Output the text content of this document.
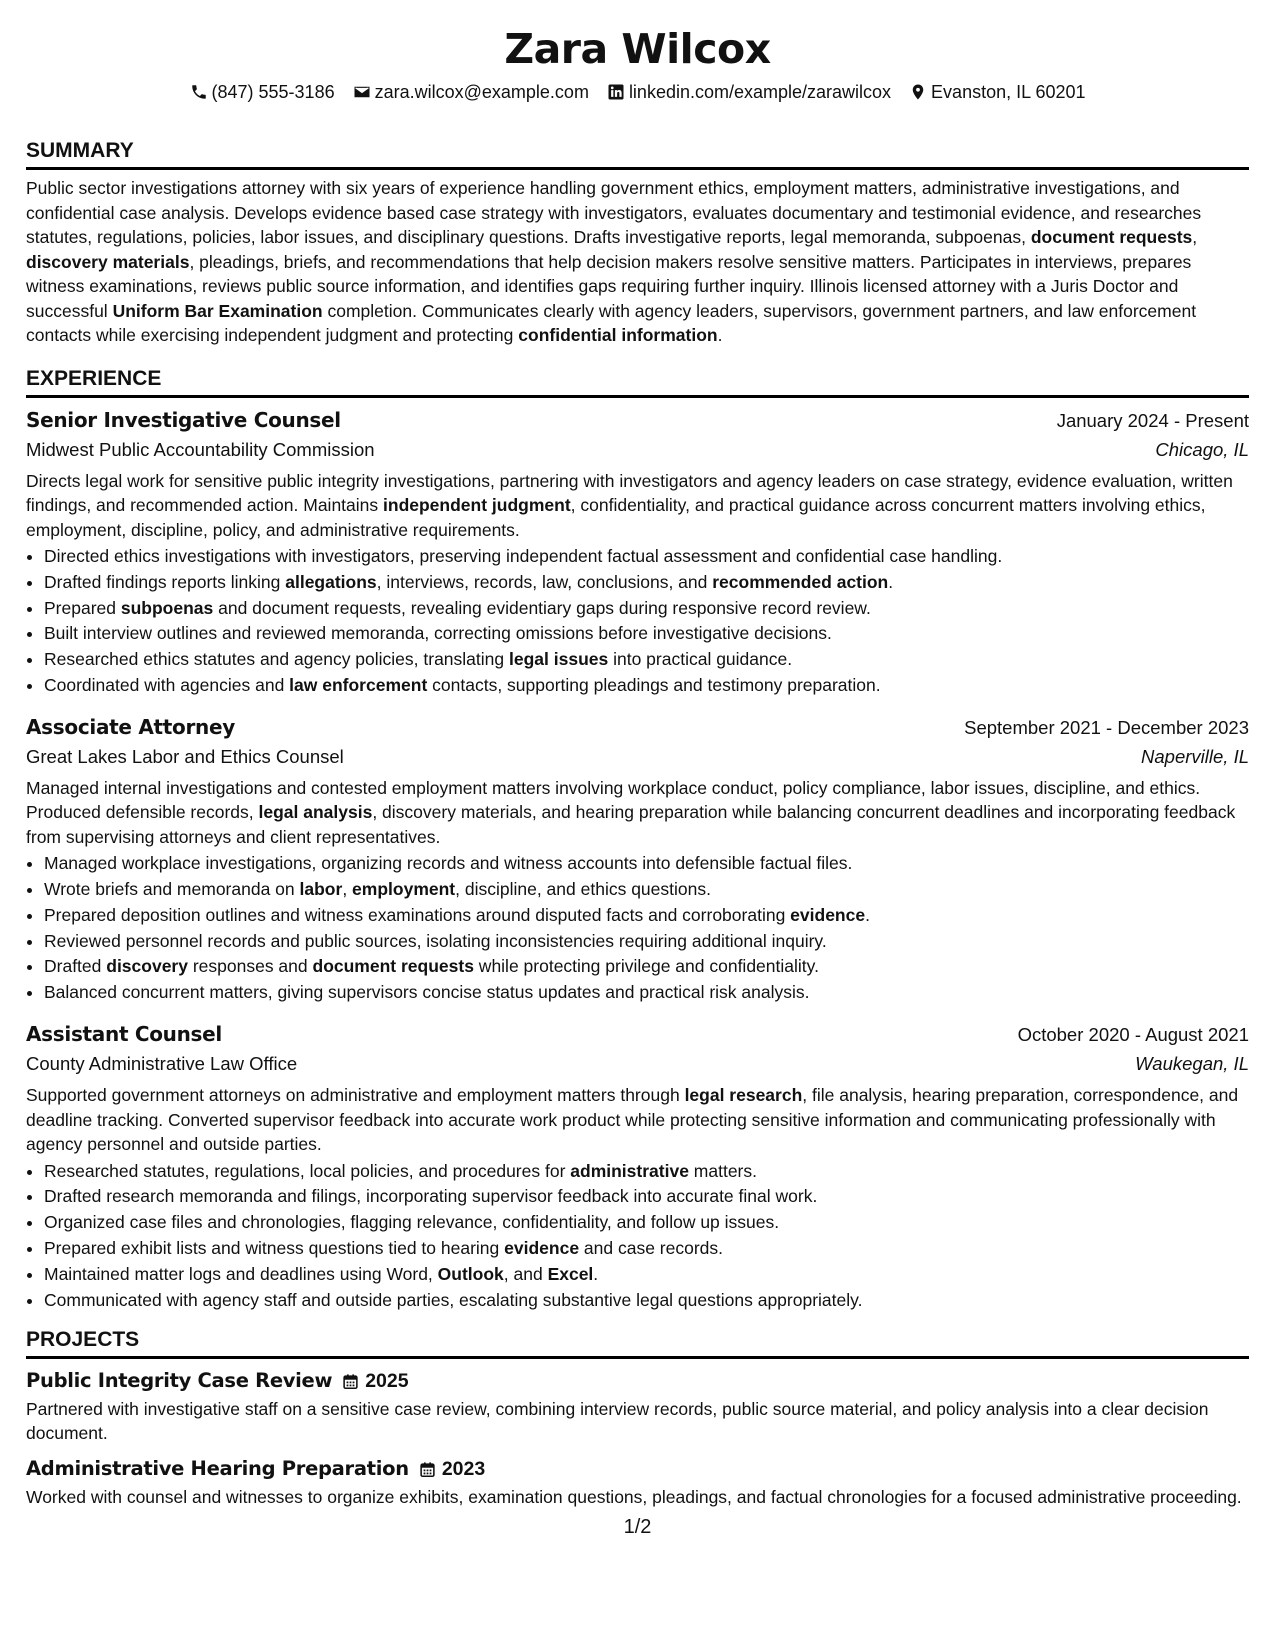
Zara Wilcox
(847) 555-3186 zara.wilcox@example.com linkedin.com/example/zarawilcox Evanston, IL 60201
SUMMARY

Public sector investigations attorney with six years of experience handling government ethics, employment matters, administrative investigations, and confidential case analysis. Develops evidence based case strategy with investigators, evaluates documentary and testimonial evidence, and researches statutes, regulations, policies, labor issues, and disciplinary questions. Drafts investigative reports, legal memoranda, subpoenas, document requests, discovery materials, pleadings, briefs, and recommendations that help decision makers resolve sensitive matters. Participates in interviews, prepares witness examinations, reviews public source information, and identifies gaps requiring further inquiry. Illinois licensed attorney with a Juris Doctor and successful Uniform Bar Examination completion. Communicates clearly with agency leaders, supervisors, government partners, and law enforcement contacts while exercising independent judgment and protecting confidential information.

EXPERIENCE
Senior Investigative Counsel	January 2024 - Present
Midwest Public Accountability Commission	Chicago, IL
Directs legal work for sensitive public integrity investigations, partnering with investigators and agency leaders on case strategy, evidence evaluation, written findings, and recommended action. Maintains independent judgment, confidentiality, and practical guidance across concurrent matters involving ethics, employment, discipline, policy, and administrative requirements.
• Directed ethics investigations with investigators, preserving independent factual assessment and confidential case handling.
• Drafted findings reports linking allegations, interviews, records, law, conclusions, and recommended action.
• Prepared subpoenas and document requests, revealing evidentiary gaps during responsive record review.
• Built interview outlines and reviewed memoranda, correcting omissions before investigative decisions.
• Researched ethics statutes and agency policies, translating legal issues into practical guidance.
• Coordinated with agencies and law enforcement contacts, supporting pleadings and testimony preparation.
Associate Attorney	September 2021 - December 2023
Great Lakes Labor and Ethics Counsel	Naperville, IL
Managed internal investigations and contested employment matters involving workplace conduct, policy compliance, labor issues, discipline, and ethics. Produced defensible records, legal analysis, discovery materials, and hearing preparation while balancing concurrent deadlines and incorporating feedback from supervising attorneys and client representatives.
• Managed workplace investigations, organizing records and witness accounts into defensible factual files.
• Wrote briefs and memoranda on labor, employment, discipline, and ethics questions.
• Prepared deposition outlines and witness examinations around disputed facts and corroborating evidence.
• Reviewed personnel records and public sources, isolating inconsistencies requiring additional inquiry.
• Drafted discovery responses and document requests while protecting privilege and confidentiality.
• Balanced concurrent matters, giving supervisors concise status updates and practical risk analysis.
Assistant Counsel	October 2020 - August 2021
County Administrative Law Office	Waukegan, IL
Supported government attorneys on administrative and employment matters through legal research, file analysis, hearing preparation, correspondence, and deadline tracking. Converted supervisor feedback into accurate work product while protecting sensitive information and communicating professionally with agency personnel and outside parties.
• Researched statutes, regulations, local policies, and procedures for administrative matters.
• Drafted research memoranda and filings, incorporating supervisor feedback into accurate final work.
• Organized case files and chronologies, flagging relevance, confidentiality, and follow up issues.
• Prepared exhibit lists and witness questions tied to hearing evidence and case records.
• Maintained matter logs and deadlines using Word, Outlook, and Excel.
• Communicated with agency staff and outside parties, escalating substantive legal questions appropriately.
PROJECTS
Public Integrity Case Review 2025
Partnered with investigative staff on a sensitive case review, combining interview records, public source material, and policy analysis into a clear decision document.
Administrative Hearing Preparation 2023
Worked with counsel and witnesses to organize exhibits, examination questions, pleadings, and factual chronologies for a focused administrative proceeding.
1/2
